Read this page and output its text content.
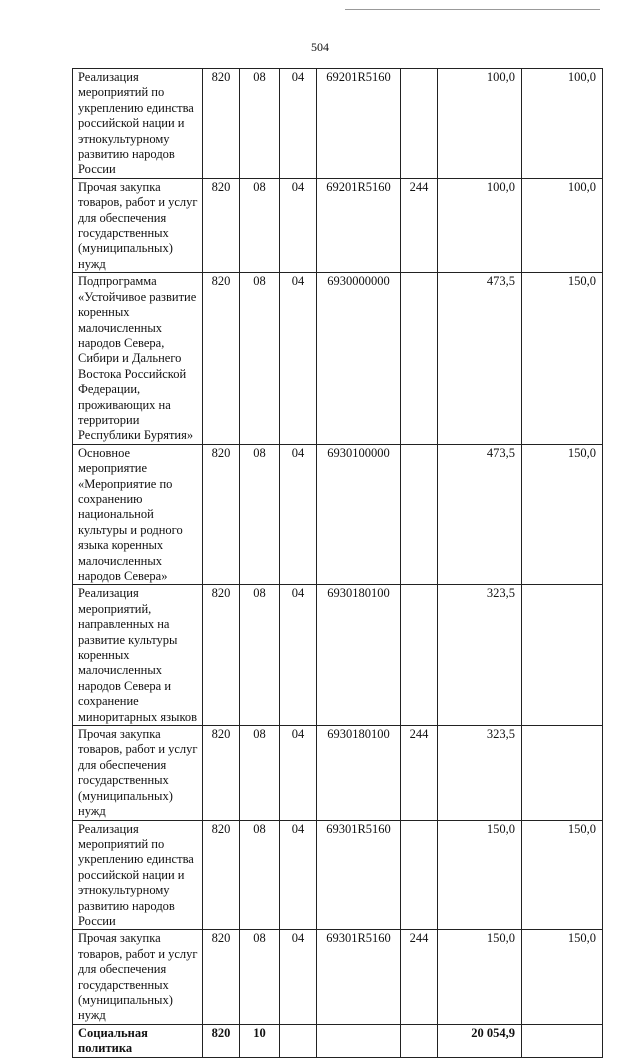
504
Реализация мероприятий по укреплению единства российской нации и этнокультурному развитию народов России	820	08	04	69201R5160		100,0	100,0
Прочая закупка товаров, работ и услуг для обеспечения государственных (муниципальных) нужд	820	08	04	69201R5160	244	100,0	100,0
Подпрограмма «Устойчивое развитие коренных малочисленных народов Севера, Сибири и Дальнего Востока Российской Федерации, проживающих на территории Республики Бурятия»	820	08	04	6930000000		473,5	150,0
Основное мероприятие «Мероприятие по сохранению национальной культуры и родного языка коренных малочисленных народов Севера»	820	08	04	6930100000		473,5	150,0
Реализация мероприятий, направленных на развитие культуры коренных малочисленных народов Севера и сохранение миноритарных языков	820	08	04	6930180100		323,5	
Прочая закупка товаров, работ и услуг для обеспечения государственных (муниципальных) нужд	820	08	04	6930180100	244	323,5	
Реализация мероприятий по укреплению единства российской нации и этнокультурному развитию народов России	820	08	04	69301R5160		150,0	150,0
Прочая закупка товаров, работ и услуг для обеспечения государственных (муниципальных) нужд	820	08	04	69301R5160	244	150,0	150,0
Социальная политика	820	10				20 054,9	
